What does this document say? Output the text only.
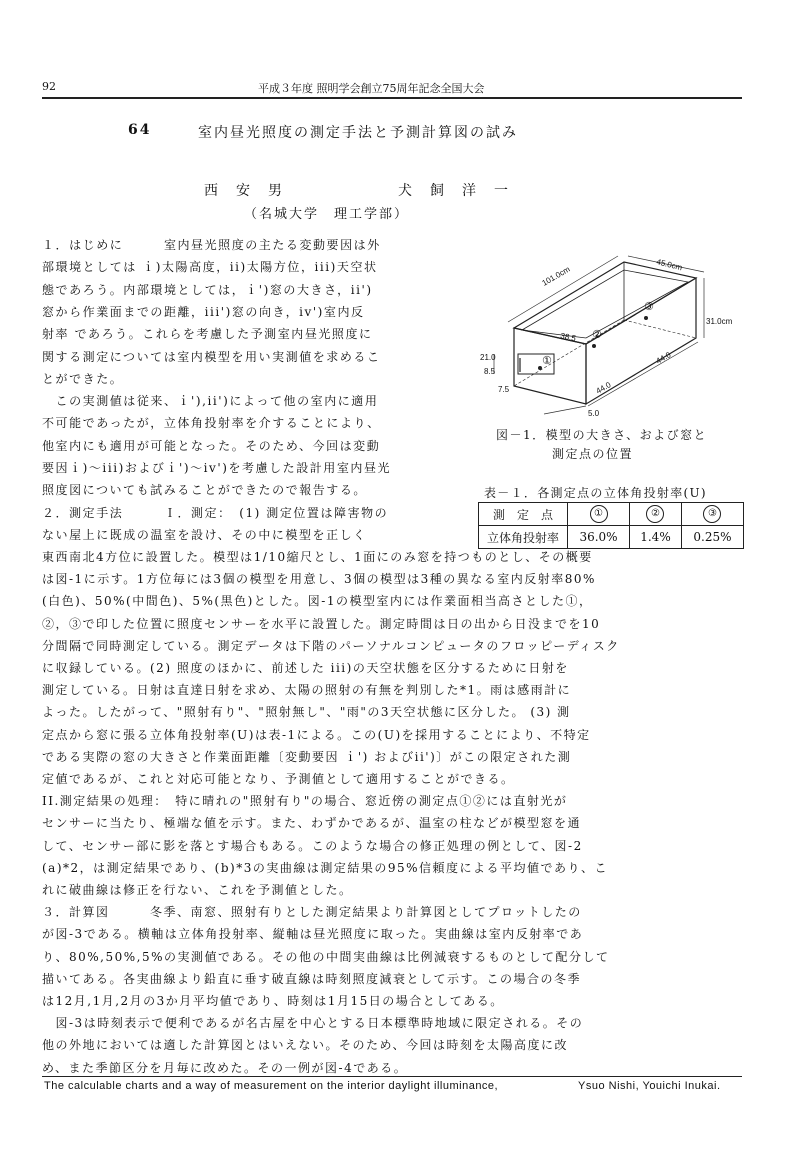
92	平成３年度 照明学会創立75周年記念全国大会
64	室内昼光照度の測定手法と予測計算図の試み
西　安　男	犬　飼　洋　一
（名城大学　理工学部）
１．はじめに　　　室内昼光照度の主たる変動要因は外
部環境としては ｉ)太陽高度，ii)太陽方位，iii)天空状
態であろう。内部環境としては，ｉ')窓の大きさ，ii')
窓から作業面までの距離，iii')窓の向き，iv')室内反
射率 であろう。これらを考慮した予測室内昼光照度に
関する測定については室内模型を用い実測値を求めるこ
とができた。
　この実測値は従来、ｉ'),ii')によって他の室内に適用
不可能であったが，立体角投射率を介することにより、
他室内にも適用が可能となった。そのため、今回は変動
要因ｉ)〜iii)およびｉ')〜iv')を考慮した設計用室内昼光
照度図についても試みることができたので報告する。
２．測定手法　　　Ｉ．測定：　(1) 測定位置は障害物の
ない屋上に既成の温室を設け、その中に模型を正しく
101.0cm	45.0cm
31.0cm
38.5
21.0
8.5
7.5	44.0
44.0
5.0
①
②
③
図－1．模型の大きさ、および窓と
測定点の位置
表－１．各測定点の立体角投射率(U)
測　定　点	①	②	③
立体角投射率	36.0%	1.4%	0.25%
東西南北4方位に設置した。模型は1/10縮尺とし、1面にのみ窓を持つものとし、その概要
は図-1に示す。1方位毎には3個の模型を用意し、3個の模型は3種の異なる室内反射率80%
(白色)、50%(中間色)、5%(黒色)とした。図-1の模型室内には作業面相当高さとした①，
②，③で印した位置に照度センサーを水平に設置した。測定時間は日の出から日没までを10
分間隔で同時測定している。測定データは下階のパーソナルコンピュータのフロッピーディスク
に収録している。(2) 照度のほかに、前述した iii)の天空状態を区分するために日射を
測定している。日射は直達日射を求め、太陽の照射の有無を判別した*1。雨は感雨計に
よった。したがって、"照射有り"、"照射無し"、"雨"の3天空状態に区分した。 (3) 測
定点から窓に張る立体角投射率(U)は表-1による。この(U)を採用することにより、不特定
である実際の窓の大きさと作業面距離〔変動要因 ｉ') およびii')〕がこの限定された測
定値であるが、これと対応可能となり、予測値として適用することができる。
II.測定結果の処理：　特に晴れの"照射有り"の場合、窓近傍の測定点①②には直射光が
センサーに当たり、極端な値を示す。また、わずかであるが、温室の柱などが模型窓を通
して、センサー部に影を落とす場合もある。このような場合の修正処理の例として、図-2
(a)*2，は測定結果であり、(b)*3の実曲線は測定結果の95%信頼度による平均値であり、こ
れに破曲線は修正を行ない、これを予測値とした。
３．計算図　　　冬季、南窓、照射有りとした測定結果より計算図としてプロットしたの
が図-3である。横軸は立体角投射率、縦軸は昼光照度に取った。実曲線は室内反射率であ
り、80%,50%,5%の実測値である。その他の中間実曲線は比例減衰するものとして配分して
描いてある。各実曲線より鉛直に垂す破直線は時刻照度減衰として示す。この場合の冬季
は12月,1月,2月の3か月平均値であり、時刻は1月15日の場合としてある。
　図-3は時刻表示で便利であるが名古屋を中心とする日本標準時地域に限定される。その
他の外地においては適した計算図とはいえない。そのため、今回は時刻を太陽高度に改
め、また季節区分を月毎に改めた。その一例が図-4である。
The calculable charts and a way of measurement on the interior daylight illuminance,	Ysuo Nishi, Youichi Inukai.
